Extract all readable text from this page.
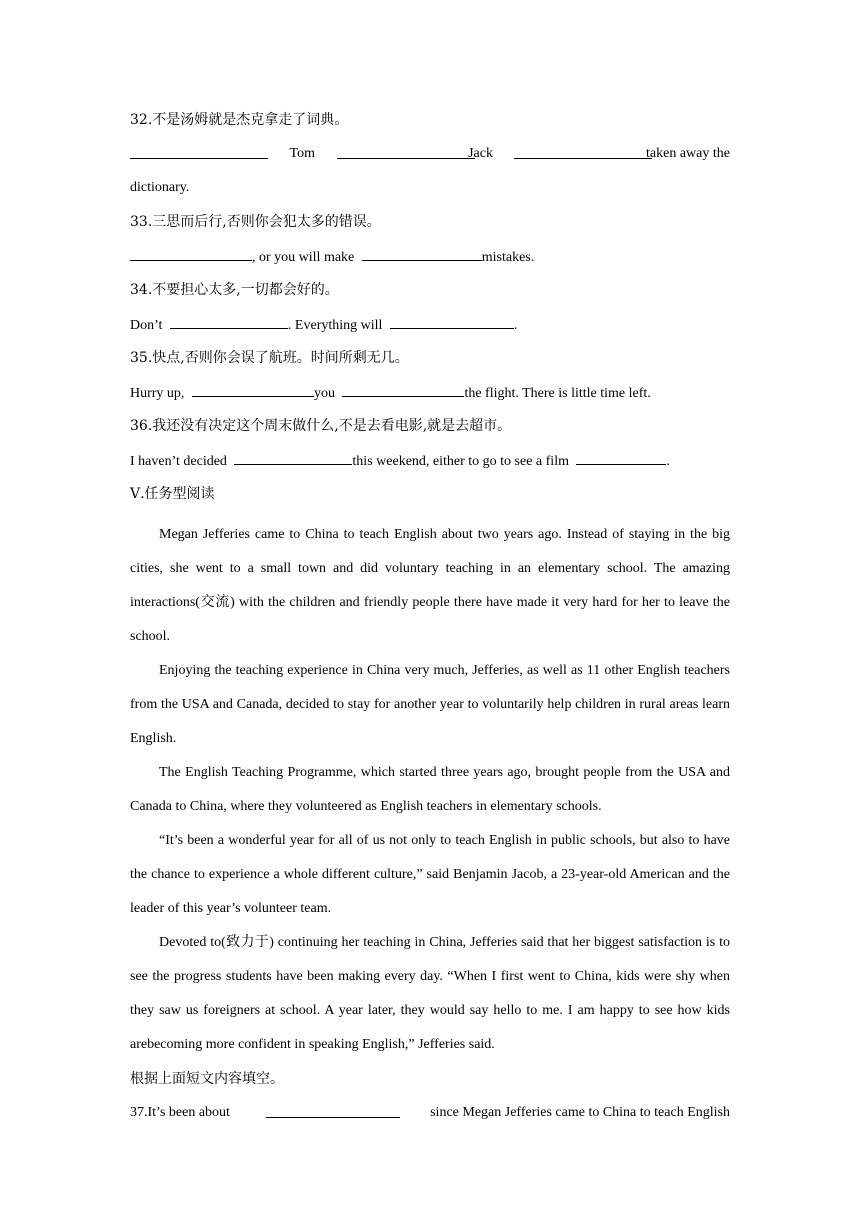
32.不是汤姆就是杰克拿走了词典。
Tom	Jack	taken away the
dictionary.
33.三思而后行,否则你会犯太多的错误。
, or you will make	mistakes.
34.不要担心太多,一切都会好的。
Don’t	. Everything will	.
35.快点,否则你会误了航班。时间所剩无几。
Hurry up,	you	the flight. There is little time left.
36.我还没有决定这个周末做什么,不是去看电影,就是去超市。
I haven’t decided	this weekend, either to go to see a film	.
Ⅴ.任务型阅读

Megan Jefferies came to China to teach English about two years ago. Instead of staying in the big cities, she went to a small town and did voluntary teaching in an elementary school. The amazing interactions(交流) with the children and friendly people there have made it very hard for her to leave the school.

Enjoying the teaching experience in China very much, Jefferies, as well as 11 other English teachers from the USA and Canada, decided to stay for another year to voluntarily help children in rural areas learn English.

The English Teaching Programme, which started three years ago, brought people from the USA and Canada to China, where they volunteered as English teachers in elementary schools.

“It’s been a wonderful year for all of us not only to teach English in public schools, but also to have the chance to experience a whole different culture,” said Benjamin Jacob, a 23-year-old American and the leader of this year’s volunteer team.

Devoted to(致力于) continuing her teaching in China, Jefferies said that her biggest satisfaction is to see the progress students have been making every day. “When I first went to China, kids were shy when they saw us foreigners at school. A year later, they would say hello to me. I am happy to see how kids arebecoming more confident in speaking English,” Jefferies said.

根据上面短文内容填空。
37.It’s been about	since Megan Jefferies came to China to teach English
